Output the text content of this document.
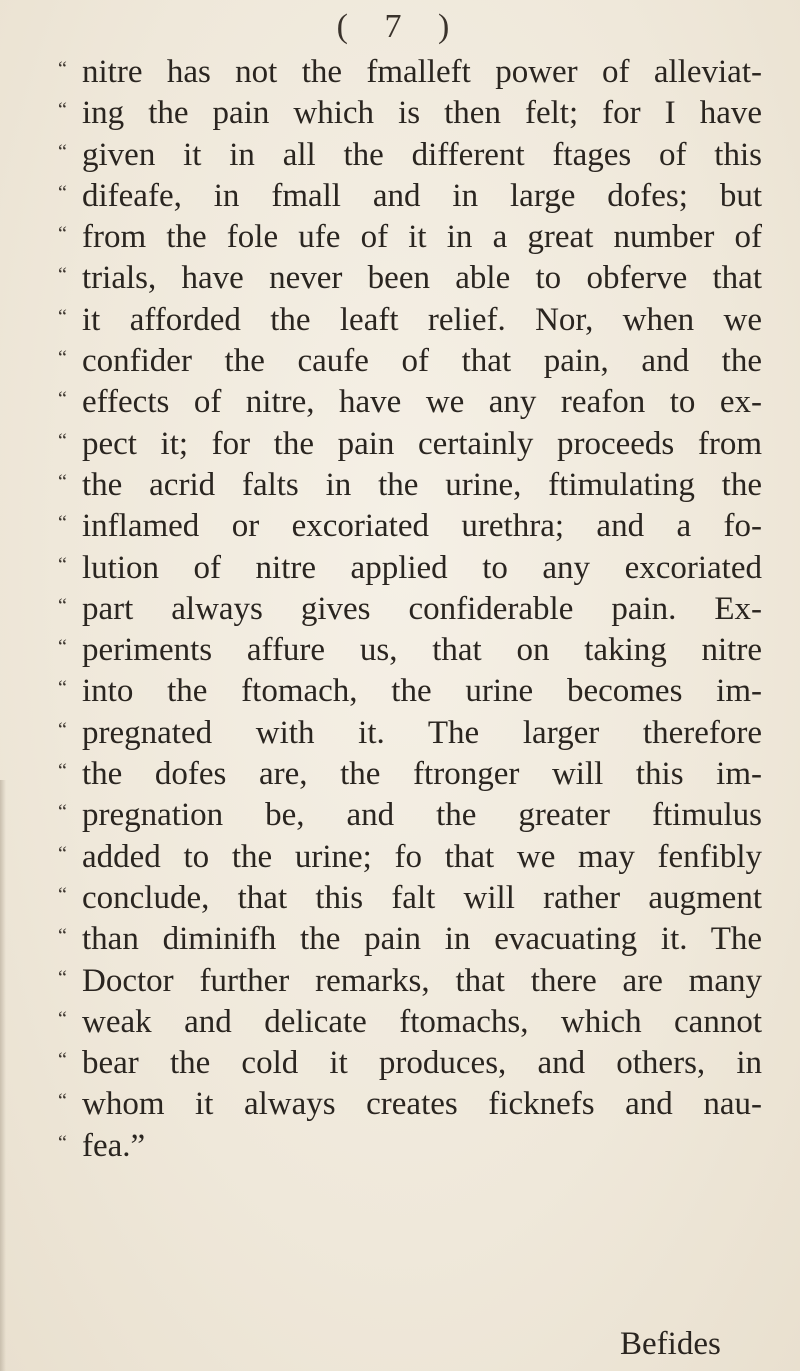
( 7 )
“ nitre has not the fmalleft power of alleviat-
“ ing the pain which is then felt; for I have
“ given it in all the different ftages of this
“ difeafe, in fmall and in large dofes; but
“ from the fole ufe of it in a great number of
“ trials, have never been able to obferve that
“ it afforded the leaft relief. Nor, when we
“ confider the caufe of that pain, and the
“ effects of nitre, have we any reafon to ex-
“ pect it; for the pain certainly proceeds from
“ the acrid falts in the urine, ftimulating the
“ inflamed or excoriated urethra; and a fo-
“ lution of nitre applied to any excoriated
“ part always gives confiderable pain. Ex-
“ periments affure us, that on taking nitre
“ into the ftomach, the urine becomes im-
“ pregnated with it. The larger therefore
“ the dofes are, the ftronger will this im-
“ pregnation be, and the greater ftimulus
“ added to the urine; fo that we may fenfibly
“ conclude, that this falt will rather augment
“ than diminifh the pain in evacuating it. The
“ Doctor further remarks, that there are many
“ weak and delicate ftomachs, which cannot
“ bear the cold it produces, and others, in
“ whom it always creates ficknefs and nau-
“ fea.”
Befides
